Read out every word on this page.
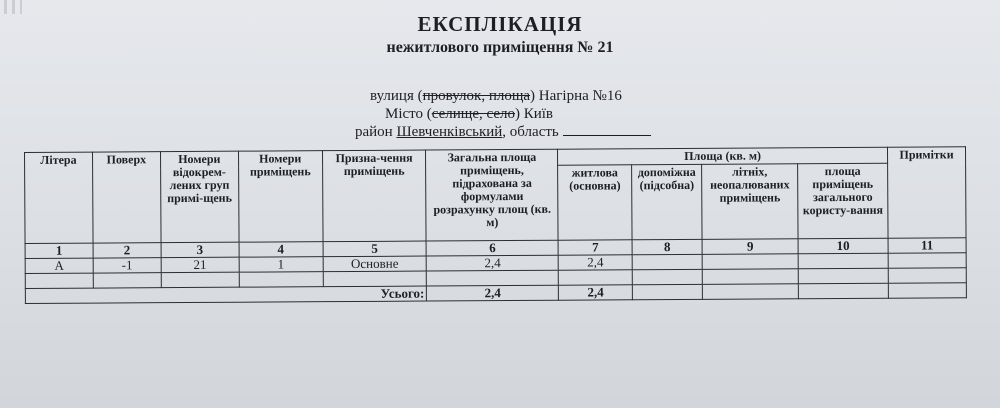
ЕКСПЛІКАЦІЯ
нежитлового приміщення № 21
вулиця (провулок, площа) Нагірна №16
Місто (селище, село) Київ
район Шевченківський, область
Літера	Поверх	Номери відокрем-лених груп примі-щень	Номери приміщень	Призна-чення приміщень	Загальна площа приміщень, підрахована за формулами розрахунку площ (кв. м)	Площа (кв. м)				Примітки
						житлова (основна)	допоміжна (підсобна)	літніх, неопалюваних приміщень	площа приміщень загального користу-вання	
1	2	3	4	5	6	7	8	9	10	11
А	-1	21	1	Основне	2,4	2,4				

Усього:					2,4	2,4				
